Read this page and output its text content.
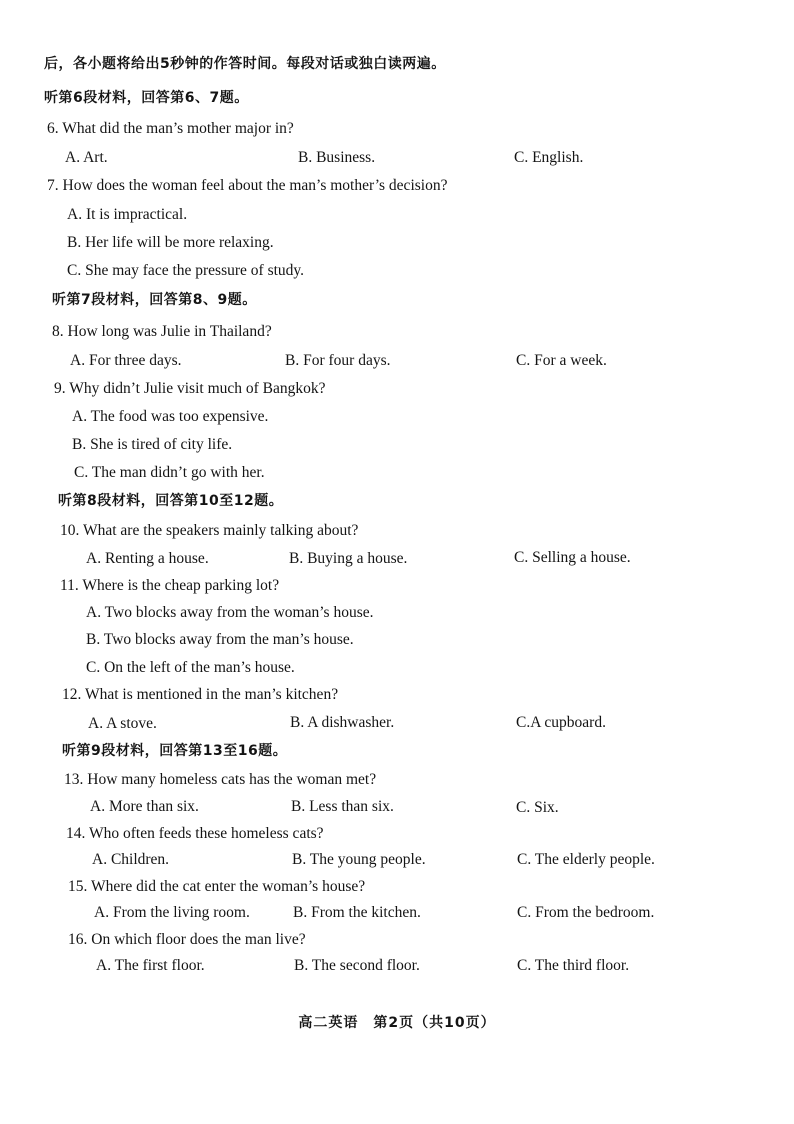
后，各小题将给出5秒钟的作答时间。每段对话或独白读两遍。
听第6段材料，回答第6、7题。
6. What did the man’s mother major in?
A. Art.	B. Business.	C. English.
7. How does the woman feel about the man’s mother’s decision?
A. It is impractical.
B. Her life will be more relaxing.
C. She may face the pressure of study.
听第7段材料，回答第8、9题。
8. How long was Julie in Thailand?
A. For three days.	B. For four days.	C. For a week.
9. Why didn’t Julie visit much of Bangkok?
A. The food was too expensive.
B. She is tired of city life.
C. The man didn’t go with her.
听第8段材料，回答第10至12题。
10. What are the speakers mainly talking about?
A. Renting a house.	B. Buying a house.	C. Selling a house.
11. Where is the cheap parking lot?
A. Two blocks away from the woman’s house.
B. Two blocks away from the man’s house.
C. On the left of the man’s house.
12. What is mentioned in the man’s kitchen?
A. A stove.	B. A dishwasher.	C.A cupboard.
听第9段材料，回答第13至16题。
13. How many homeless cats has the woman met?
A. More than six.	B. Less than six.	C. Six.
14. Who often feeds these homeless cats?
A. Children.	B. The young people.	C. The elderly people.
15. Where did the cat enter the woman’s house?
A. From the living room.	B. From the kitchen.	C. From the bedroom.
16. On which floor does the man live?
A. The first floor.	B. The second floor.	C. The third floor.
高二英语　第2页（共10页）
